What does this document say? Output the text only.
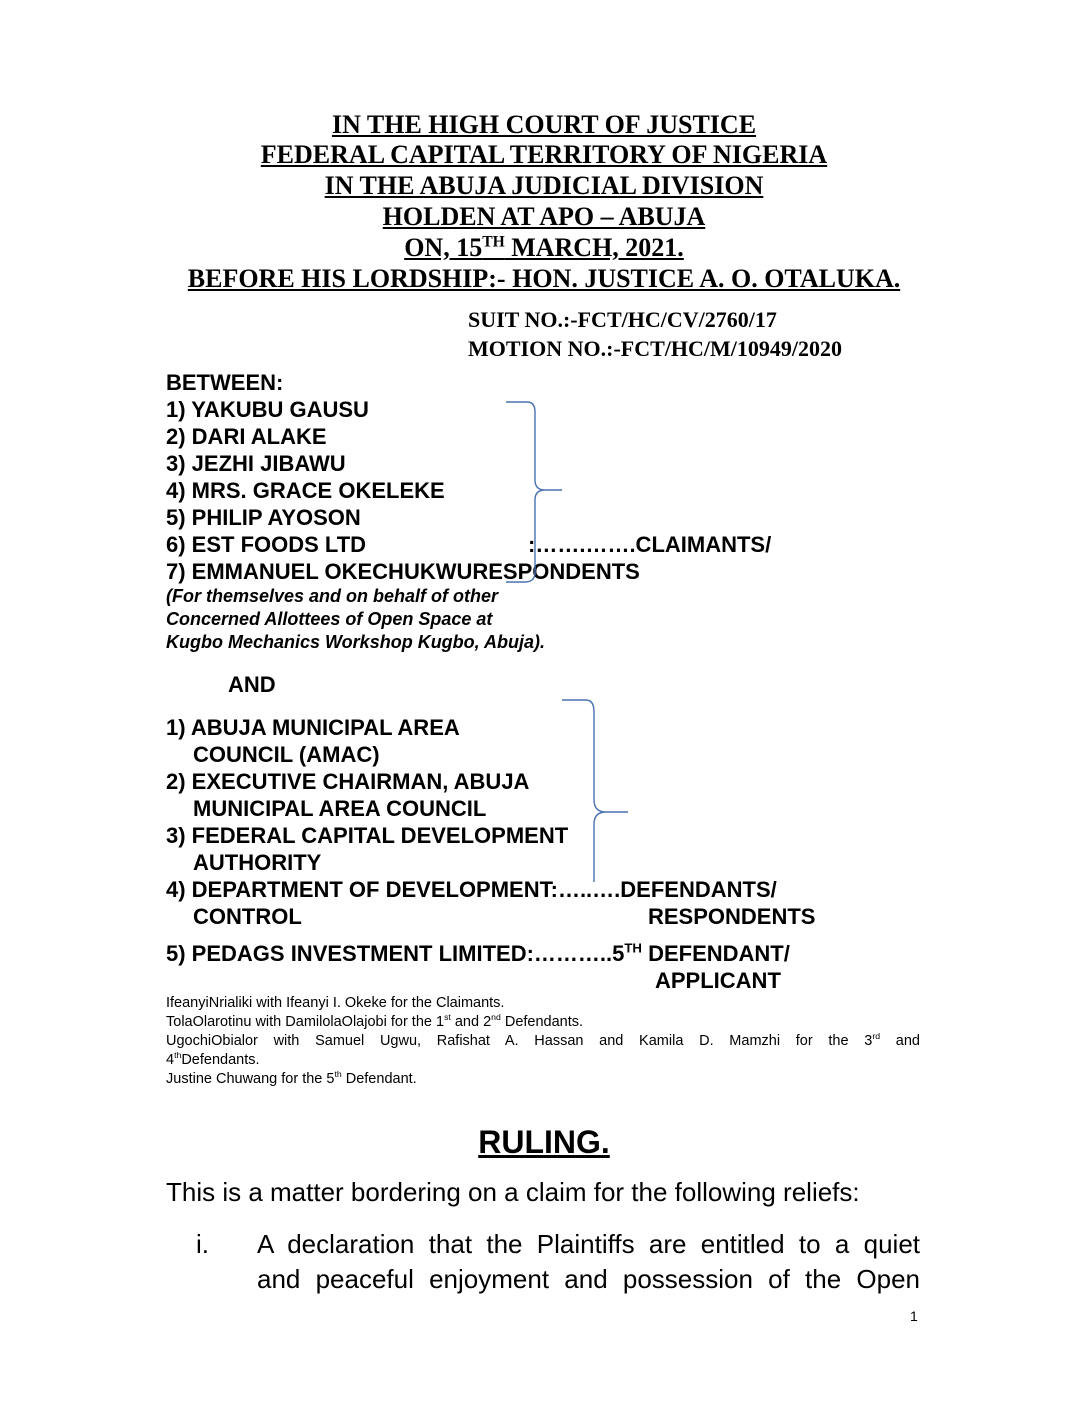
IN THE HIGH COURT OF JUSTICE
FEDERAL CAPITAL TERRITORY OF NIGERIA
IN THE ABUJA JUDICIAL DIVISION
HOLDEN AT APO – ABUJA
ON, 15TH MARCH, 2021.
BEFORE HIS LORDSHIP:- HON. JUSTICE A. O. OTALUKA.
SUIT NO.:-FCT/HC/CV/2760/17
MOTION NO.:-FCT/HC/M/10949/2020
BETWEEN:
1) YAKUBU GAUSU
2) DARI ALAKE
3) JEZHI JIBAWU
4) MRS. GRACE OKELEKE
5) PHILIP AYOSON
6) EST FOODS LTD	:…….…….CLAIMANTS/
7) EMMANUEL OKECHUKWURESPONDENTS
(For themselves and on behalf of other
Concerned Allottees of Open Space at
Kugbo Mechanics Workshop Kugbo, Abuja).
AND
1) ABUJA MUNICIPAL AREA
COUNCIL (AMAC)
2) EXECUTIVE CHAIRMAN, ABUJA
MUNICIPAL AREA COUNCIL
3) FEDERAL CAPITAL DEVELOPMENT
AUTHORITY
4) DEPARTMENT OF DEVELOPMENT:…..….DEFENDANTS/
CONTROL	RESPONDENTS
5) PEDAGS INVESTMENT LIMITED:………..5TH DEFENDANT/
APPLICANT
IfeanyiNrialiki with Ifeanyi I. Okeke for the Claimants.
TolaOlarotinu with DamilolaOlajobi for the 1st and 2nd Defendants.
UgochiObialor with Samuel Ugwu, Rafishat A. Hassan and Kamila D. Mamzhi for the 3rd and
4thDefendants.
Justine Chuwang for the 5th Defendant.
RULING.
This is a matter bordering on a claim for the following reliefs:
i. A declaration that the Plaintiffs are entitled to a quiet
and peaceful enjoyment and possession of the Open
1
